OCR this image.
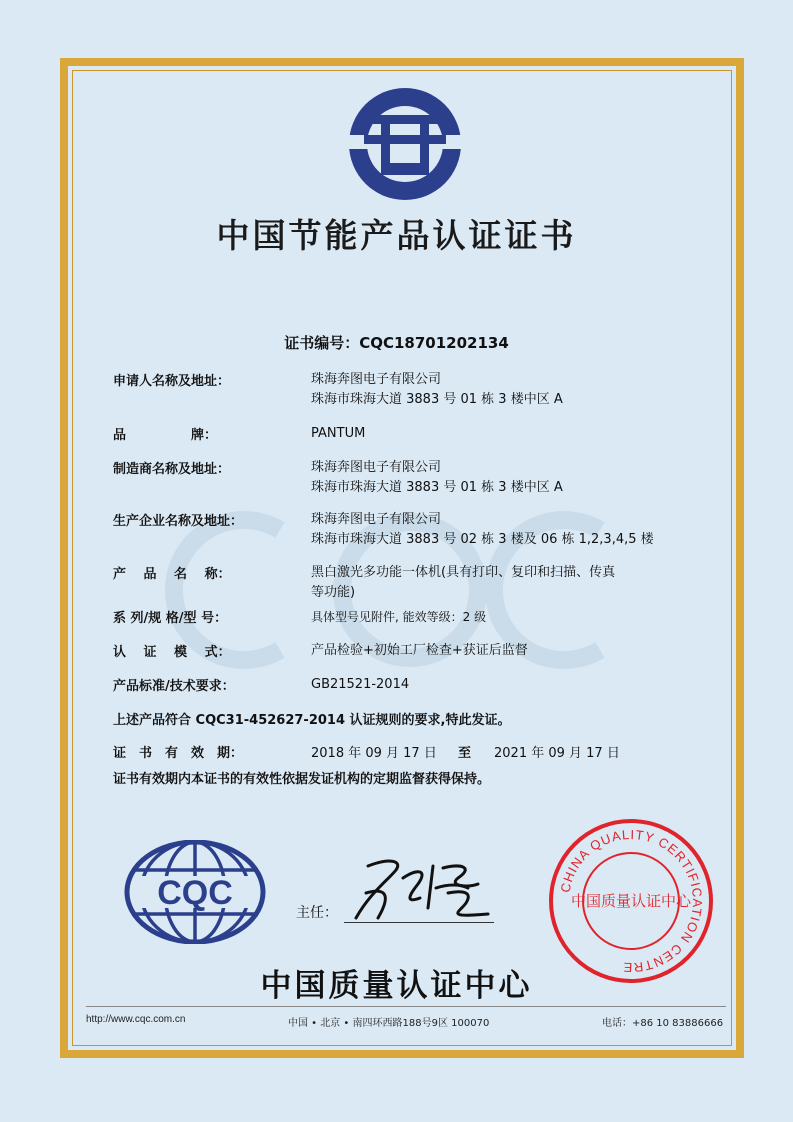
中国节能产品认证证书
证书编号：CQC18701202134
申请人名称及地址：	珠海奔图电子有限公司
珠海市珠海大道 3883 号 01 栋 3 楼中区 A
品　　　　　牌：	PANTUM
制造商名称及地址：	珠海奔图电子有限公司
珠海市珠海大道 3883 号 01 栋 3 楼中区 A
生产企业名称及地址：	珠海奔图电子有限公司
珠海市珠海大道 3883 号 02 栋 3 楼及 06 栋 1,2,3,4,5 楼
产　 品　 名　 称：	黑白激光多功能一体机(具有打印、复印和扫描、传真
等功能)
系 列/规 格/型 号：	具体型号见附件, 能效等级：2 级
认　 证　 模　 式：	产品检验+初始工厂检查+获证后监督
产品标准/技术要求：	GB21521-2014
上述产品符合 CQC31-452627-2014 认证规则的要求,特此发证。
证　书　有　效　期：	2018 年 09 月 17 日 至 2021 年 09 月 17 日
证书有效期内本证书的有效性依据发证机构的定期监督获得保持。
CQC
主任：
CHINA QUALITY CERTIFICATION CENTRE
中国质量认证中心
中国质量认证中心
http://www.cqc.com.cn	中国 • 北京 • 南四环西路188号9区 100070	电话：+86 10 83886666
